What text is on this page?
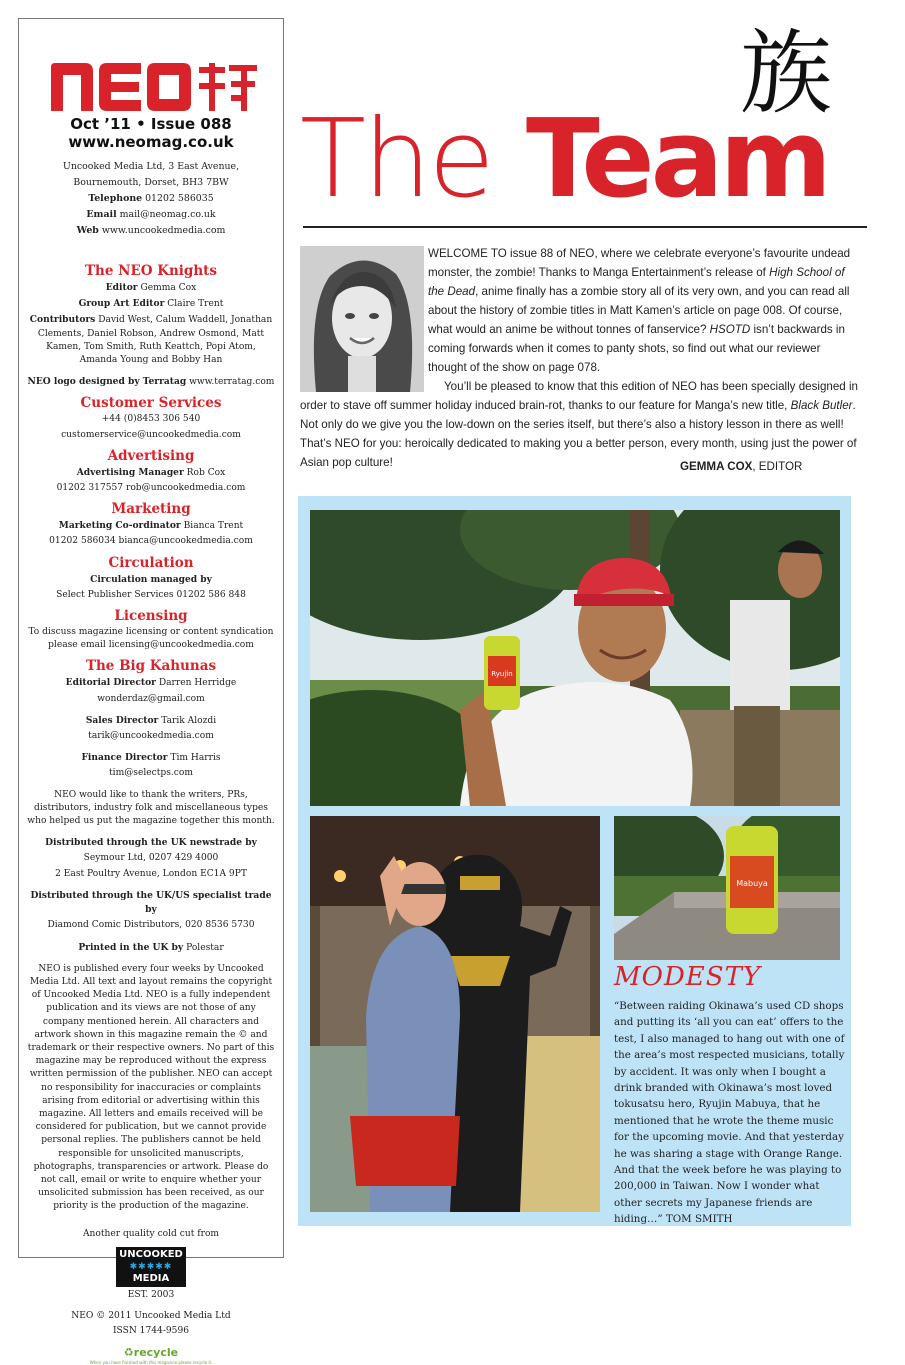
NEO
Oct ’11 • Issue 088
www.neomag.co.uk
Uncooked Media Ltd, 3 East Avenue,
Bournemouth, Dorset, BH3 7BW
Telephone 01202 586035
Email mail@neomag.co.uk
Web www.uncookedmedia.com
The NEO Knights

Editor Gemma Cox

Group Art Editor Claire Trent

Contributors David West, Calum Waddell, Jonathan Clements, Daniel Robson, Andrew Osmond, Matt Kamen, Tom Smith, Ruth Keattch, Popi Atom, Amanda Young and Bobby Han

NEO logo designed by Terratag www.terratag.com

Customer Services

+44 (0)8453 306 540

customerservice@uncookedmedia.com

Advertising

Advertising Manager Rob Cox

01202 317557 rob@uncookedmedia.com

Marketing

Marketing Co-ordinator Bianca Trent

01202 586034 bianca@uncookedmedia.com

Circulation

Circulation managed by

Select Publisher Services 01202 586 848

Licensing

To discuss magazine licensing or content syndication please email licensing@uncookedmedia.com

The Big Kahunas

Editorial Director Darren Herridge

wonderdaz@gmail.com

Sales Director Tarik Alozdi

tarik@uncookedmedia.com

Finance Director Tim Harris

tim@selectps.com

NEO would like to thank the writers, PRs, distributors, industry folk and miscellaneous types who helped us put the magazine together this month.

Distributed through the UK newstrade by

Seymour Ltd, 0207 429 4000

2 East Poultry Avenue, London EC1A 9PT

Distributed through the UK/US specialist trade by

Diamond Comic Distributors, 020 8536 5730

Printed in the UK by Polestar

NEO is published every four weeks by Uncooked Media Ltd. All text and layout remains the copyright of Uncooked Media Ltd. NEO is a fully independent publication and its views are not those of any company mentioned herein. All characters and artwork shown in this magazine remain the © and trademark or their respective owners. No part of this magazine may be reproduced without the express written permission of the publisher. NEO can accept no responsibility for inaccuracies or complaints arising from editorial or advertising within this magazine. All letters and emails received will be considered for publication, but we cannot provide personal replies. The publishers cannot be held responsible for unsolicited manuscripts, photographs, transparencies or artwork. Please do not call, email or write to enquire whether your unsolicited submission has been received, as our priority is the production of the magazine.

Another quality cold cut from

UNCOOKED
✱✱✱✱✱
MEDIA

EST. 2003

NEO © 2011 Uncooked Media Ltd

ISSN 1744-9596

♻recycle
When you have finished with this magazine please recycle it.
族
The Team

WELCOME TO issue 88 of NEO, where we celebrate everyone’s favourite undead monster, the zombie! Thanks to Manga Entertainment’s release of High School of the Dead, anime finally has a zombie story all of its very own, and you can read all about the history of zombie titles in Matt Kamen’s article on page 008. Of course, what would an anime be without tonnes of fanservice? HSOTD isn’t backwards in coming forwards when it comes to panty shots, so find out what our reviewer thought of the show on page 078.

You’ll be pleased to know that this edition of NEO has been specially designed in order to stave off summer holiday induced brain-rot, thanks to our feature for Manga’s new title, Black Butler. Not only do we give you the low-down on the series itself, but there’s also a history lesson in there as well! That’s NEO for you: heroically dedicated to making you a better person, every month, using just the power of Asian pop culture!	GEMMA COX, EDITOR
Ryujin
Mabuya
MODESTY
“Between raiding Okinawa’s used CD shops and putting its ‘all you can eat’ offers to the test, I also managed to hang out with one of the area’s most respected musicians, totally by accident. It was only when I bought a drink branded with Okinawa’s most loved tokusatsu hero, Ryujin Mabuya, that he mentioned that he wrote the theme music for the upcoming movie. And that yesterday he was sharing a stage with Orange Range. And that the week before he was playing to 200,000 in Taiwan. Now I wonder what other secrets my Japanese friends are hiding…” TOM SMITH
